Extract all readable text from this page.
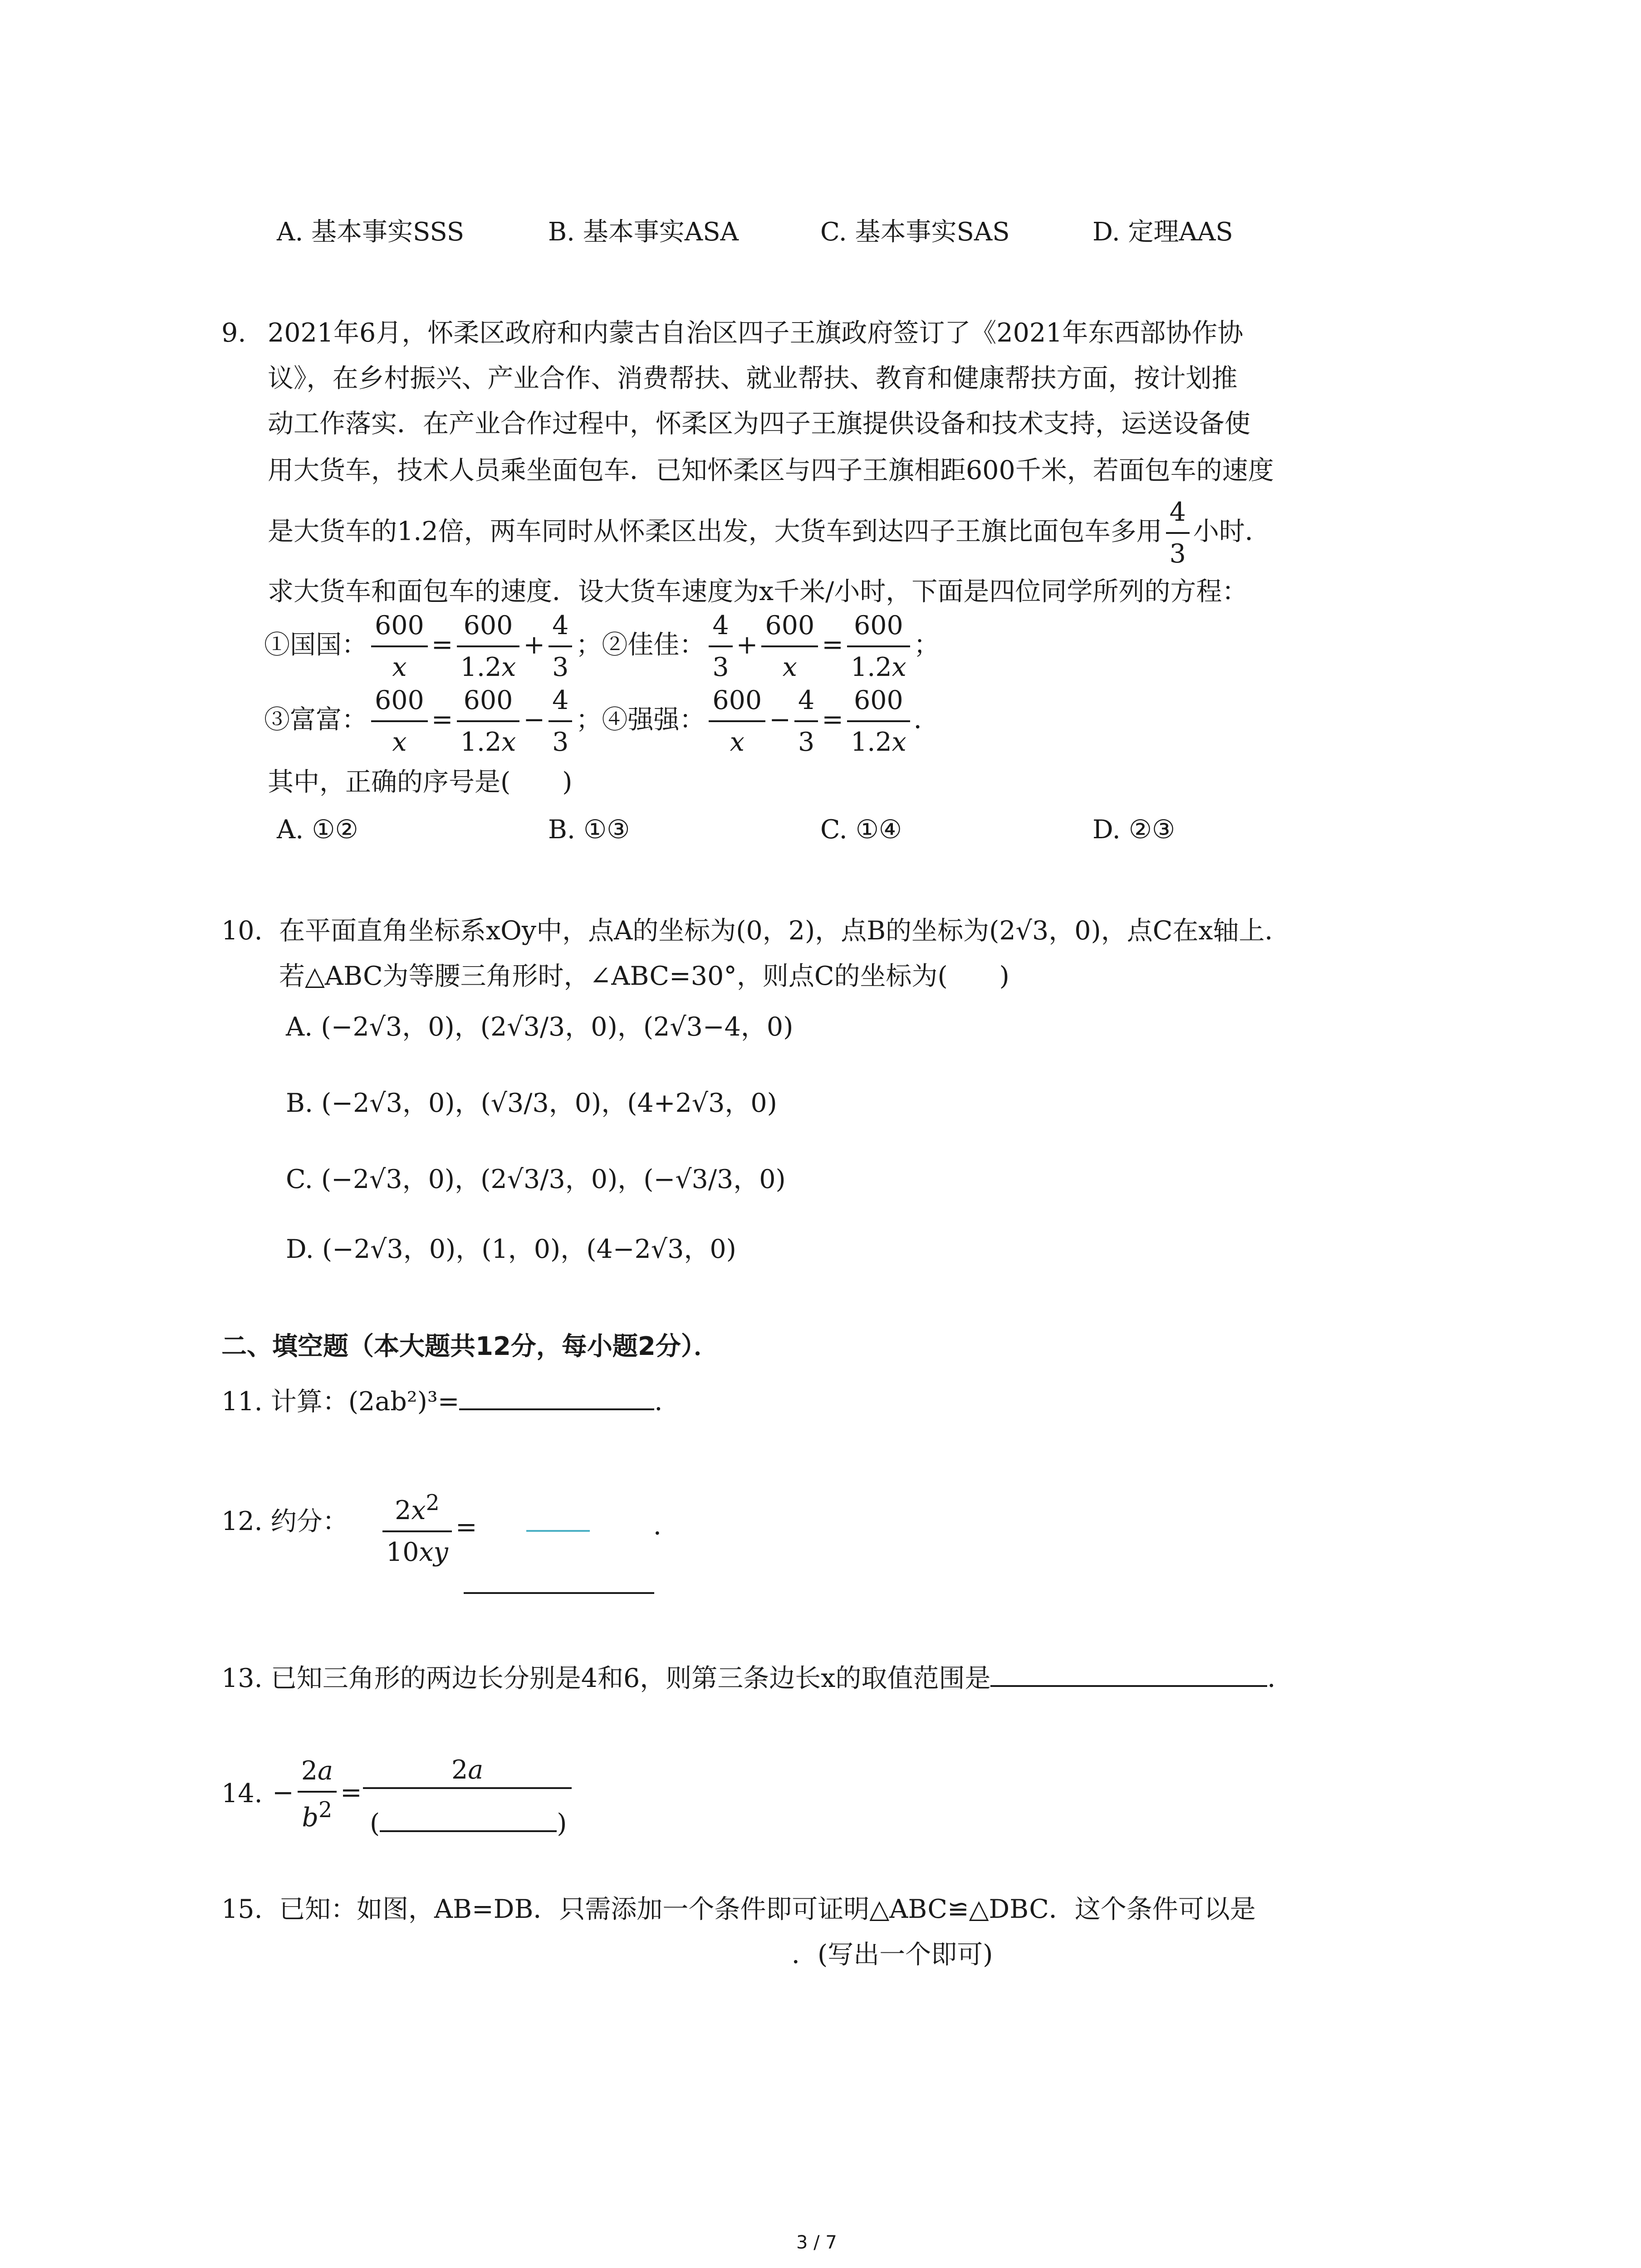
A. 基本事实SSS	B. 基本事实ASA	C. 基本事实SAS	D. 定理AAS
9. 2021年6月，怀柔区政府和内蒙古自治区四子王旗政府签订了《2021年东西部协作协
议》，在乡村振兴、产业合作、消费帮扶、就业帮扶、教育和健康帮扶方面，按计划推
动工作落实．在产业合作过程中，怀柔区为四子王旗提供设备和技术支持，运送设备使
用大货车，技术人员乘坐面包车．已知怀柔区与四子王旗相距600千米，若面包车的速度
是大货车的1.2倍，两车同时从怀柔区出发，大货车到达四子王旗比面包车多用 $\frac{4}{3}$ 小时．
求大货车和面包车的速度．设大货车速度为x千米/小时，下面是四位同学所列的方程：
①国国： $\frac{600}{x} = \frac{600}{1.2x} + \frac{4}{3}$ ；②佳佳： $\frac{4}{3} + \frac{600}{x} = \frac{600}{1.2x}$ ；
③富富： $\frac{600}{x} = \frac{600}{1.2x} - \frac{4}{3}$ ；④强强： $\frac{600}{x} - \frac{4}{3} = \frac{600}{1.2x}$ ．
其中，正确的序号是(　　)
A. ①②	B. ①③	C. ①④	D. ②③
10. 在平面直角坐标系xOy中，点A的坐标为(0，2)，点B的坐标为(2√3，0)，点C在x轴上．
若△ABC为等腰三角形时，∠ABC=30°，则点C的坐标为(　　)
A. (−2√3，0)，(2√3/3，0)，(2√3−4，0)
B. (−2√3，0)，(√3/3，0)，(4+2√3，0)
C. (−2√3，0)，(2√3/3，0)，(−√3/3，0)
D. (−2√3，0)，(1，0)，(4−2√3，0)
二、填空题（本大题共12分，每小题2分）．
11. 计算：(2ab²)³=	．
12. 约分： $\frac{2x^2}{10xy}$ =	．
13. 已知三角形的两边长分别是4和6，则第三条边长x的取值范围是	．
14. − $\frac{2a}{b^2}$ =
2a
(	)
15. 已知：如图，AB=DB．只需添加一个条件即可证明△ABC≌△DBC．这个条件可以是
．(写出一个即可)
3 / 7
